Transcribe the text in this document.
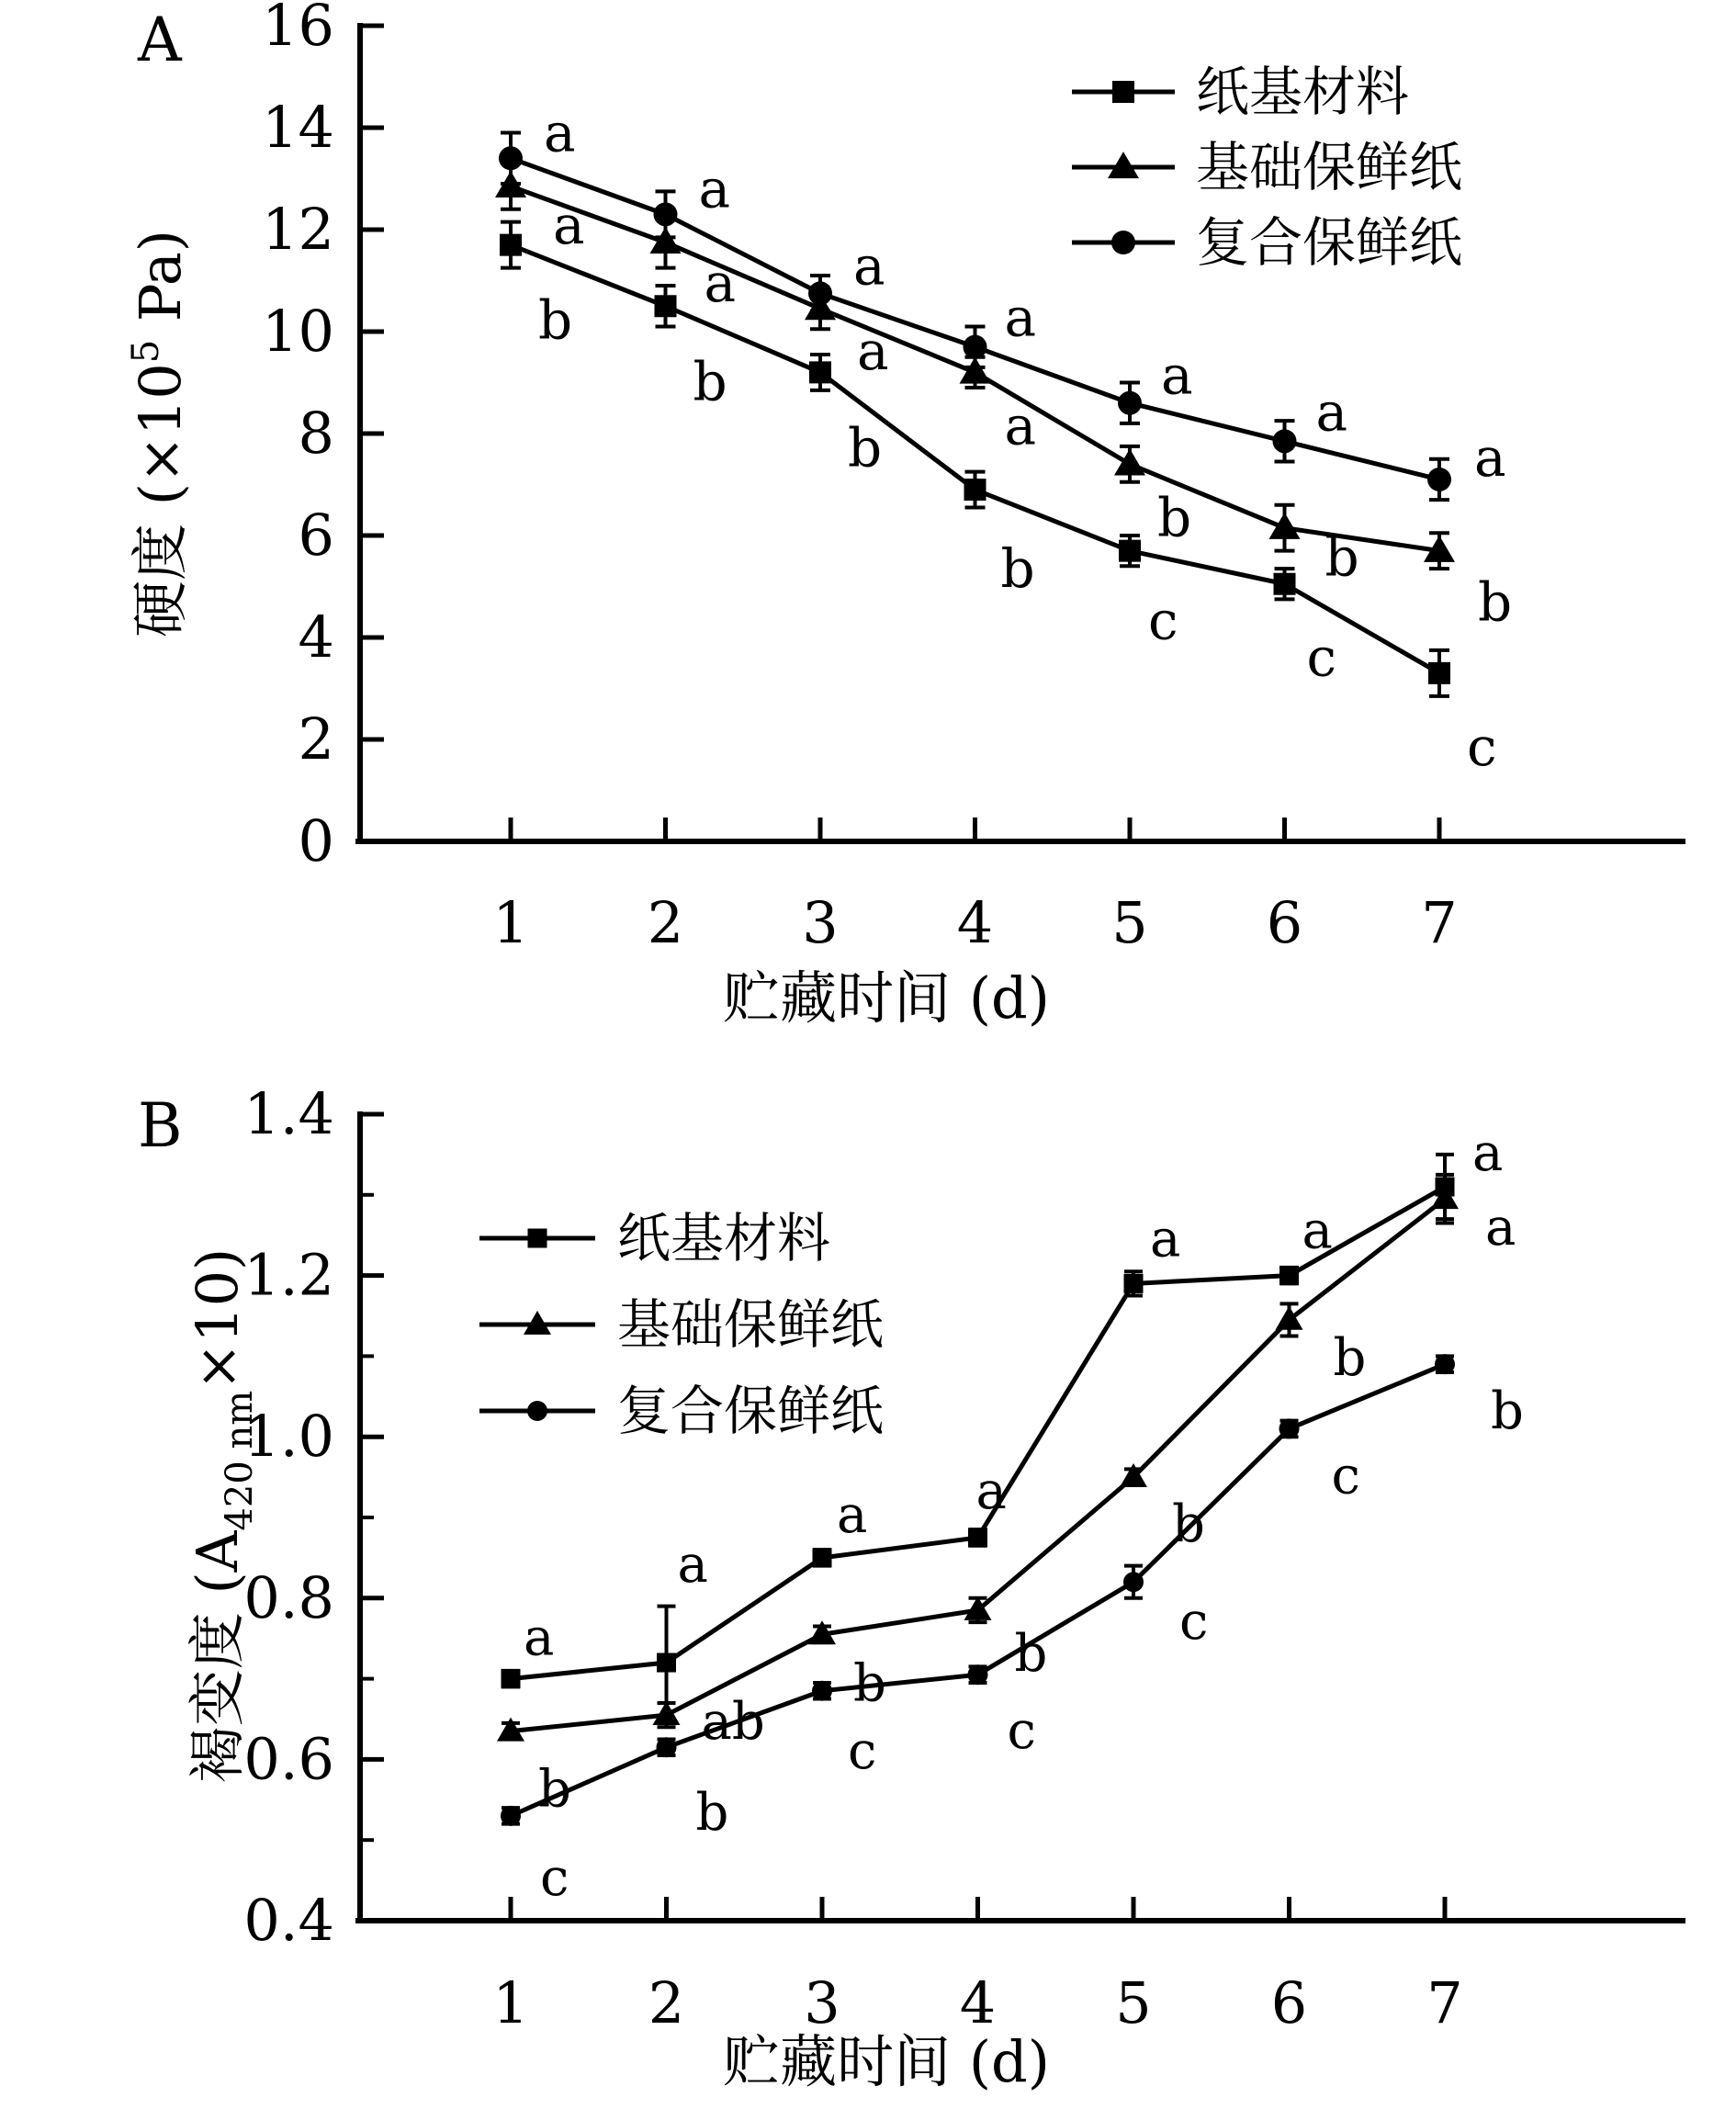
A
0
2
4
6
8
10
12
14
16
1 2 3 4 5 6 7
贮藏时间 (d)
硬度 ($\times 10^5$ Pa)	b
b
b
b
c
c
c
a
a
a
a
b
b
b
a
a
a
a
a
a
a
纸基材料
基础保鲜纸
复合保鲜纸
B
0.4
0.6
0.8
1.0
1.2
1.4
1 2 3 4 5 6 7
贮藏时间 (d)
褐变度 $(A_{420 nm}\times 10)$
a
a
a a
a a
a
b
ab
b b
b
b
a
c
b
c	c
c
c
b
纸基材料
基础保鲜纸
复合保鲜纸
